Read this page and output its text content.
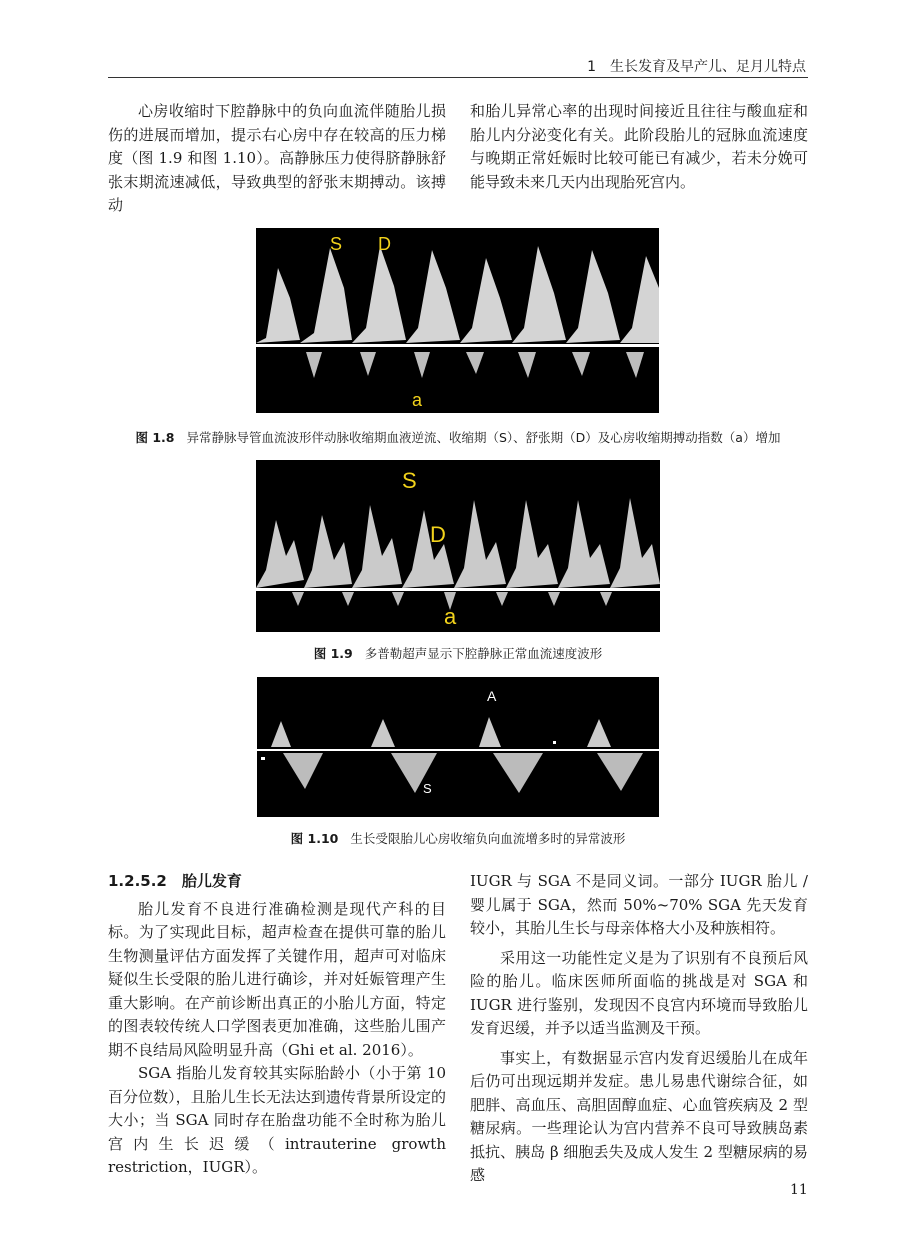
1　生长发育及早产儿、足月儿特点

心房收缩时下腔静脉中的负向血流伴随胎儿损伤的进展而增加，提示右心房中存在较高的压力梯度（图 1.9 和图 1.10）。高静脉压力使得脐静脉舒张末期流速减低，导致典型的舒张末期搏动。该搏动

和胎儿异常心率的出现时间接近且往往与酸血症和胎儿内分泌变化有关。此阶段胎儿的冠脉血流速度与晚期正常妊娠时比较可能已有减少，若未分娩可能导致未来几天内出现胎死宫内。

S D
a
图 1.8 异常静脉导管血流波形伴动脉收缩期血液逆流、收缩期（S）、舒张期（D）及心房收缩期搏动指数（a）增加
S
D
a
图 1.9 多普勒超声显示下腔静脉正常血流速度波形
A
S
图 1.10 生长受限胎儿心房收缩负向血流增多时的异常波形
1.2.5.2　胎儿发育

胎儿发育不良进行准确检测是现代产科的目标。为了实现此目标，超声检查在提供可靠的胎儿生物测量评估方面发挥了关键作用，超声可对临床疑似生长受限的胎儿进行确诊，并对妊娠管理产生重大影响。在产前诊断出真正的小胎儿方面，特定的图表较传统人口学图表更加准确，这些胎儿围产期不良结局风险明显升高（Ghi et al. 2016）。

SGA 指胎儿发育较其实际胎龄小（小于第 10 百分位数），且胎儿生长无法达到遗传背景所设定的大小；当 SGA 同时存在胎盘功能不全时称为胎儿宫内生长迟缓（intrauterine growth restriction，IUGR）。

IUGR 与 SGA 不是同义词。一部分 IUGR 胎儿 / 婴儿属于 SGA，然而 50%~70% SGA 先天发育较小，其胎儿生长与母亲体格大小及种族相符。

采用这一功能性定义是为了识别有不良预后风险的胎儿。临床医师所面临的挑战是对 SGA 和 IUGR 进行鉴别，发现因不良宫内环境而导致胎儿发育迟缓，并予以适当监测及干预。

事实上，有数据显示宫内发育迟缓胎儿在成年后仍可出现远期并发症。患儿易患代谢综合征，如肥胖、高血压、高胆固醇血症、心血管疾病及 2 型糖尿病。一些理论认为宫内营养不良可导致胰岛素抵抗、胰岛 β 细胞丢失及成人发生 2 型糖尿病的易感

11
